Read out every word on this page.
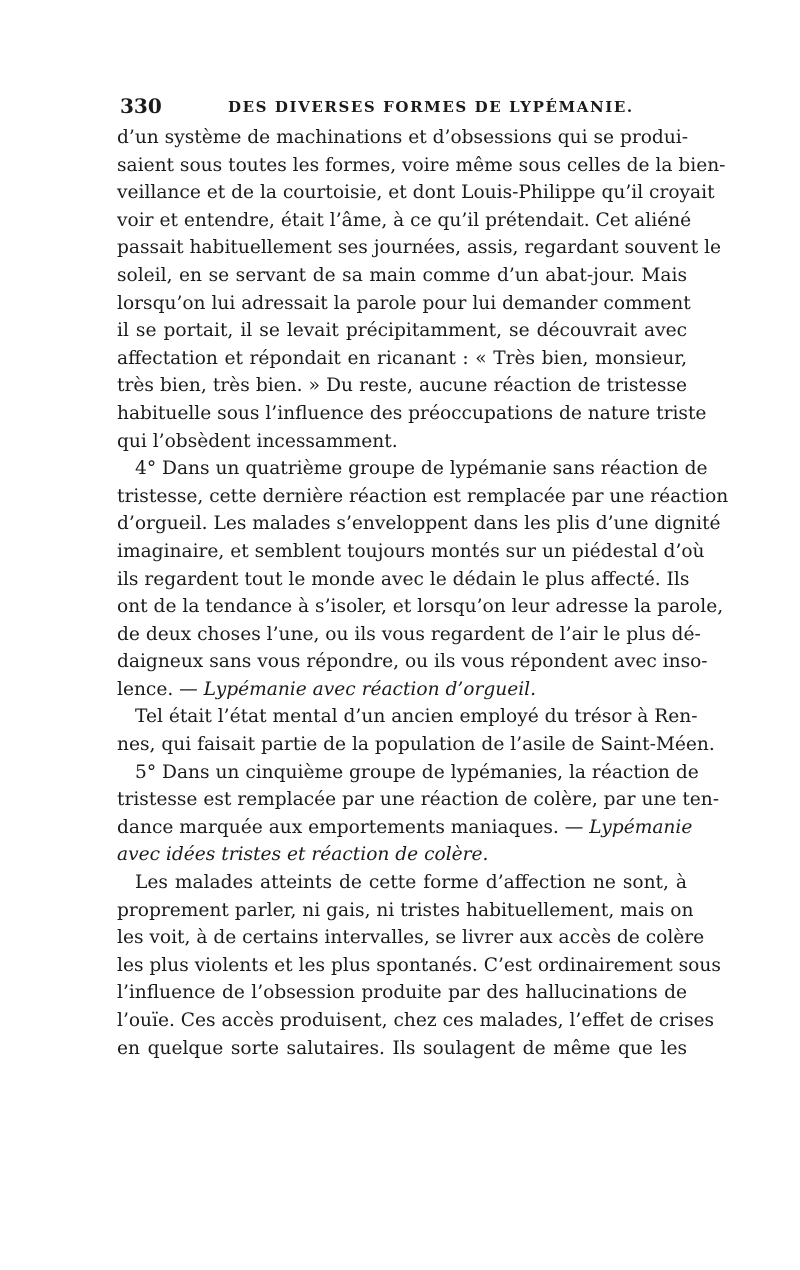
330	DES DIVERSES FORMES DE LYPÉMANIE.
d’un système de machinations et d’obsessions qui se produi-
saient sous toutes les formes, voire même sous celles de la bien-
veillance et de la courtoisie, et dont Louis-Philippe qu’il croyait
voir et entendre, était l’âme, à ce qu’il prétendait. Cet aliéné
passait habituellement ses journées, assis, regardant souvent le
soleil, en se servant de sa main comme d’un abat-jour. Mais
lorsqu’on lui adressait la parole pour lui demander comment
il se portait, il se levait précipitamment, se découvrait avec
affectation et répondait en ricanant : « Très bien, monsieur,
très bien, très bien. » Du reste, aucune réaction de tristesse
habituelle sous l’influence des préoccupations de nature triste
qui l’obsèdent incessamment.
4° Dans un quatrième groupe de lypémanie sans réaction de
tristesse, cette dernière réaction est remplacée par une réaction
d’orgueil. Les malades s’enveloppent dans les plis d’une dignité
imaginaire, et semblent toujours montés sur un piédestal d’où
ils regardent tout le monde avec le dédain le plus affecté. Ils
ont de la tendance à s’isoler, et lorsqu’on leur adresse la parole,
de deux choses l’une, ou ils vous regardent de l’air le plus dé-
daigneux sans vous répondre, ou ils vous répondent avec inso-
lence. — Lypémanie avec réaction d’orgueil.
Tel était l’état mental d’un ancien employé du trésor à Ren-
nes, qui faisait partie de la population de l’asile de Saint-Méen.
5° Dans un cinquième groupe de lypémanies, la réaction de
tristesse est remplacée par une réaction de colère, par une ten-
dance marquée aux emportements maniaques. — Lypémanie
avec idées tristes et réaction de colère.
Les malades atteints de cette forme d’affection ne sont, à
proprement parler, ni gais, ni tristes habituellement, mais on
les voit, à de certains intervalles, se livrer aux accès de colère
les plus violents et les plus spontanés. C’est ordinairement sous
l’influence de l’obsession produite par des hallucinations de
l’ouïe. Ces accès produisent, chez ces malades, l’effet de crises
en quelque sorte salutaires. Ils soulagent de même que les
